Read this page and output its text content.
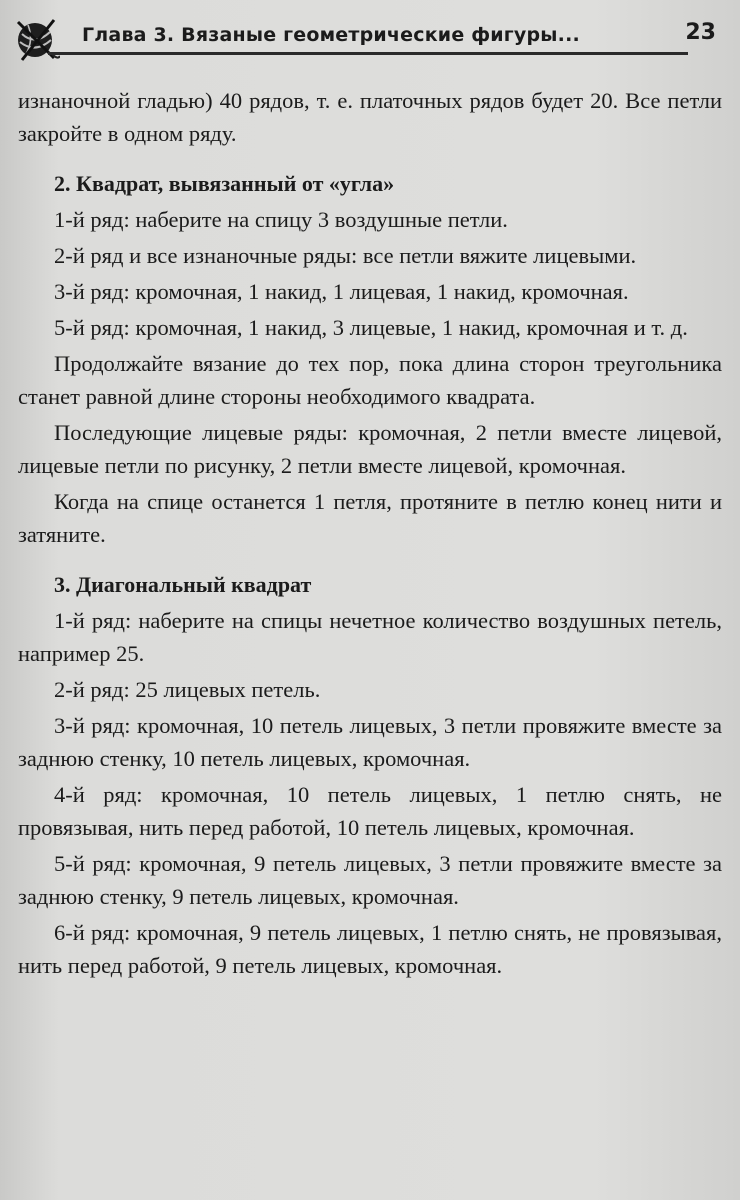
Глава 3. Вязаные геометрические фигуры...	23

изнаночной гладью) 40 рядов, т. е. платочных рядов будет 20. Все петли закройте в одном ряду.

2. Квадрат, вывязанный от «угла»

1-й ряд: наберите на спицу 3 воздушные петли.

2-й ряд и все изнаночные ряды: все петли вяжите лицевыми.

3-й ряд: кромочная, 1 накид, 1 лицевая, 1 накид, кромочная.

5-й ряд: кромочная, 1 накид, 3 лицевые, 1 накид, кромочная и т. д.

Продолжайте вязание до тех пор, пока длина сторон треугольника станет равной длине стороны необходимого квадрата.

Последующие лицевые ряды: кромочная, 2 петли вместе лицевой, лицевые петли по рисунку, 2 петли вместе лицевой, кромочная.

Когда на спице останется 1 петля, протяните в петлю конец нити и затяните.

3. Диагональный квадрат

1-й ряд: наберите на спицы нечетное количество воздушных петель, например 25.

2-й ряд: 25 лицевых петель.

3-й ряд: кромочная, 10 петель лицевых, 3 петли провяжите вместе за заднюю стенку, 10 петель лицевых, кромочная.

4-й ряд: кромочная, 10 петель лицевых, 1 петлю снять, не провязывая, нить перед работой, 10 петель лицевых, кромочная.

5-й ряд: кромочная, 9 петель лицевых, 3 петли провяжите вместе за заднюю стенку, 9 петель лицевых, кромочная.

6-й ряд: кромочная, 9 петель лицевых, 1 петлю снять, не провязывая, нить перед работой, 9 петель лицевых, кромочная.
